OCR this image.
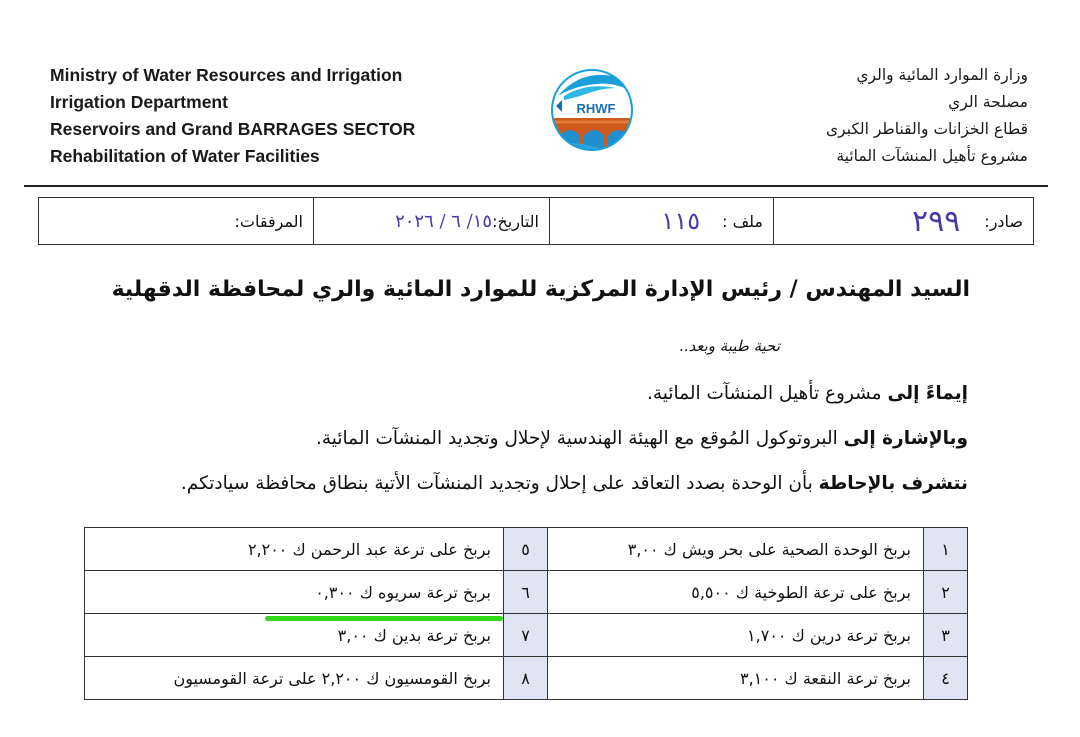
Ministry of Water Resources and Irrigation
Irrigation Department
Reservoirs and Grand BARRAGES SECTOR
Rehabilitation of Water Facilities
RHWF
وزارة الموارد المائية والري
مصلحة الري
قطاع الخزانات والقناطر الكبرى
مشروع تأهيل المنشآت المائية
صادر:
٢٩٩
ملف :
١١٥
التاريخ:
١٥/ ٦ / ٢٠٢٦
المرفقات:
السيد المهندس / رئيس الإدارة المركزية للموارد المائية والري لمحافظة الدقهلية
تحية طيبة وبعد..
إيماءً إلى مشروع تأهيل المنشآت المائية.
وبالإشارة إلى البروتوكول المُوقع مع الهيئة الهندسية لإحلال وتجديد المنشآت المائية.
نتشرف بالإحاطة بأن الوحدة بصدد التعاقد على إحلال وتجديد المنشآت الأتية بنطاق محافظة سيادتكم.
١	بربخ الوحدة الصحية على بحر ويش ك ٣,٠٠	٥	بربخ على ترعة عبد الرحمن ك ٢,٢٠٠
٢	بربخ على ترعة الطوخية ك ٥,٥٠٠	٦	بربخ ترعة سريوه ك ٠,٣٠٠
٣	بربخ ترعة درين ك ١,٧٠٠	٧	بربخ ترعة بدين ك ٣,٠٠
٤	بربخ ترعة النقعة ك ٣,١٠٠	٨	بربخ القومسيون ك ٢,٢٠٠ على ترعة القومسيون
